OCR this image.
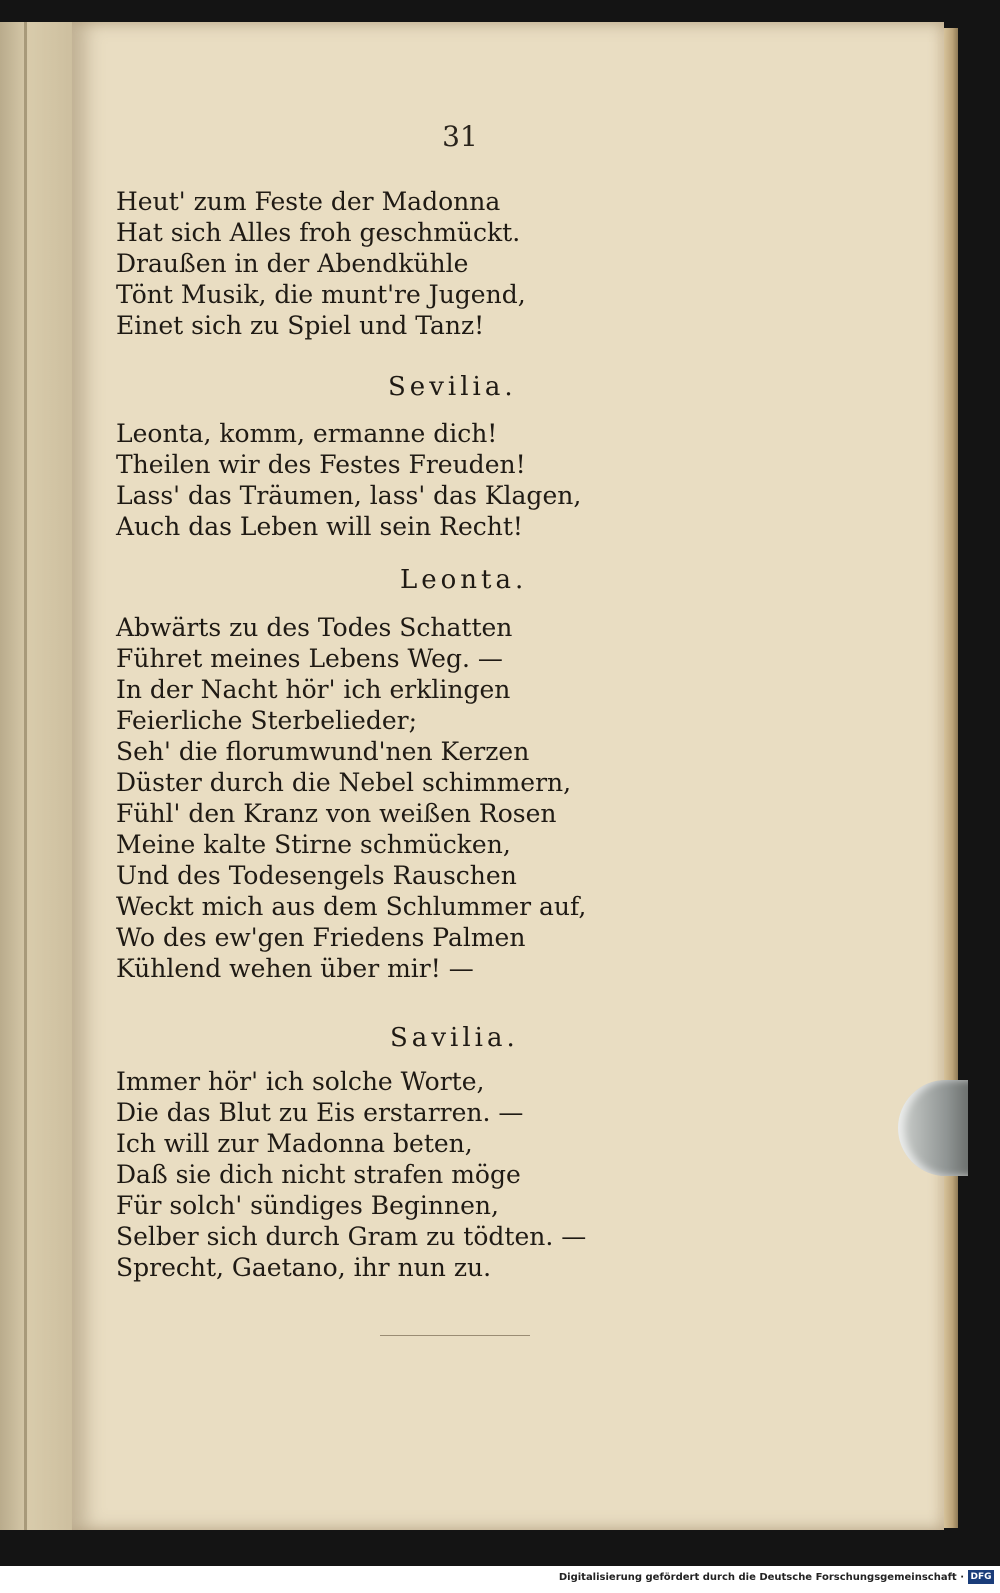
31
Heut' zum Feste der Madonna
Hat sich Alles froh geschmückt.
Draußen in der Abendkühle
Tönt Musik, die munt're Jugend,
Einet sich zu Spiel und Tanz!
Sevilia.
Leonta, komm, ermanne dich!
Theilen wir des Festes Freuden!
Lass' das Träumen, lass' das Klagen,
Auch das Leben will sein Recht!
Leonta.
Abwärts zu des Todes Schatten
Führet meines Lebens Weg. —
In der Nacht hör' ich erklingen
Feierliche Sterbelieder;
Seh' die florumwund'nen Kerzen
Düster durch die Nebel schimmern,
Fühl' den Kranz von weißen Rosen
Meine kalte Stirne schmücken,
Und des Todesengels Rauschen
Weckt mich aus dem Schlummer auf,
Wo des ew'gen Friedens Palmen
Kühlend wehen über mir! —
Savilia.
Immer hör' ich solche Worte,
Die das Blut zu Eis erstarren. —
Ich will zur Madonna beten,
Daß sie dich nicht strafen möge
Für solch' sündiges Beginnen,
Selber sich durch Gram zu tödten. —
Sprecht, Gaetano, ihr nun zu.
Digitalisierung gefördert durch die Deutsche Forschungsgemeinschaft · DFG
